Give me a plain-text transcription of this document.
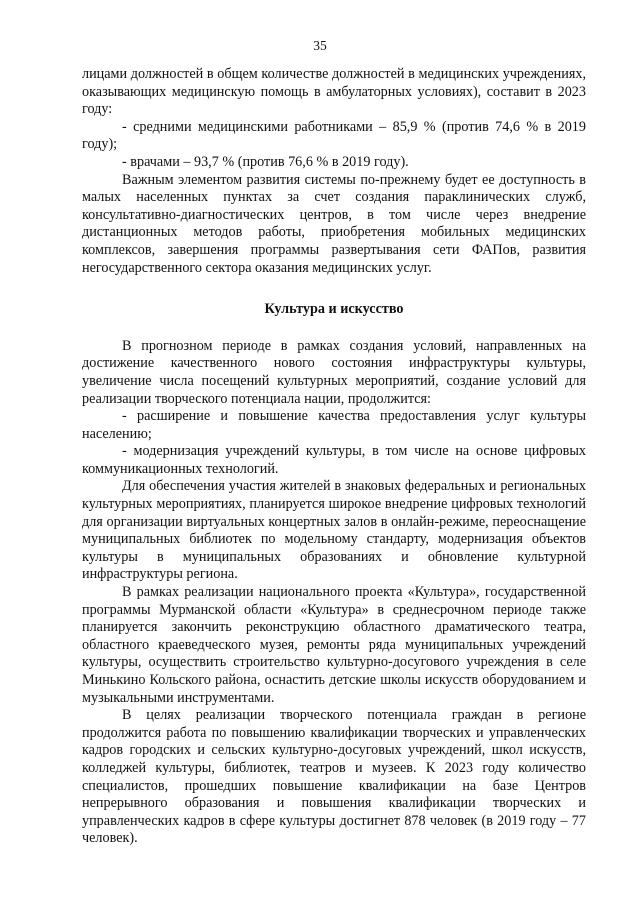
35

лицами должностей в общем количестве должностей в медицинских учреждениях, оказывающих медицинскую помощь в амбулаторных условиях), составит в 2023 году:

- средними медицинскими работниками – 85,9 % (против 74,6 % в 2019 году);

- врачами – 93,7 % (против 76,6 % в 2019 году).

Важным элементом развития системы по-прежнему будет ее доступность в малых населенных пунктах за счет создания параклинических служб, консультативно-диагностических центров, в том числе через внедрение дистанционных методов работы, приобретения мобильных медицинских комплексов, завершения программы развертывания сети ФАПов, развития негосударственного сектора оказания медицинских услуг.

Культура и искусство

В прогнозном периоде в рамках создания условий, направленных на достижение качественного нового состояния инфраструктуры культуры, увеличение числа посещений культурных мероприятий, создание условий для реализации творческого потенциала нации, продолжится:

- расширение и повышение качества предоставления услуг культуры населению;

- модернизация учреждений культуры, в том числе на основе цифровых коммуникационных технологий.

Для обеспечения участия жителей в знаковых федеральных и региональных культурных мероприятиях, планируется широкое внедрение цифровых технологий для организации виртуальных концертных залов в онлайн-режиме, переоснащение муниципальных библиотек по модельному стандарту, модернизация объектов культуры в муниципальных образованиях и обновление культурной инфраструктуры региона.

В рамках реализации национального проекта «Культура», государственной программы Мурманской области «Культура» в среднесрочном периоде также планируется закончить реконструкцию областного драматического театра, областного краеведческого музея, ремонты ряда муниципальных учреждений культуры, осуществить строительство культурно-досугового учреждения в селе Минькино Кольского района, оснастить детские школы искусств оборудованием и музыкальными инструментами.

В целях реализации творческого потенциала граждан в регионе продолжится работа по повышению квалификации творческих и управленческих кадров городских и сельских культурно-досуговых учреждений, школ искусств, колледжей культуры, библиотек, театров и музеев. К 2023 году количество специалистов, прошедших повышение квалификации на базе Центров непрерывного образования и повышения квалификации творческих и управленческих кадров в сфере культуры достигнет 878 человек (в 2019 году – 77 человек).
